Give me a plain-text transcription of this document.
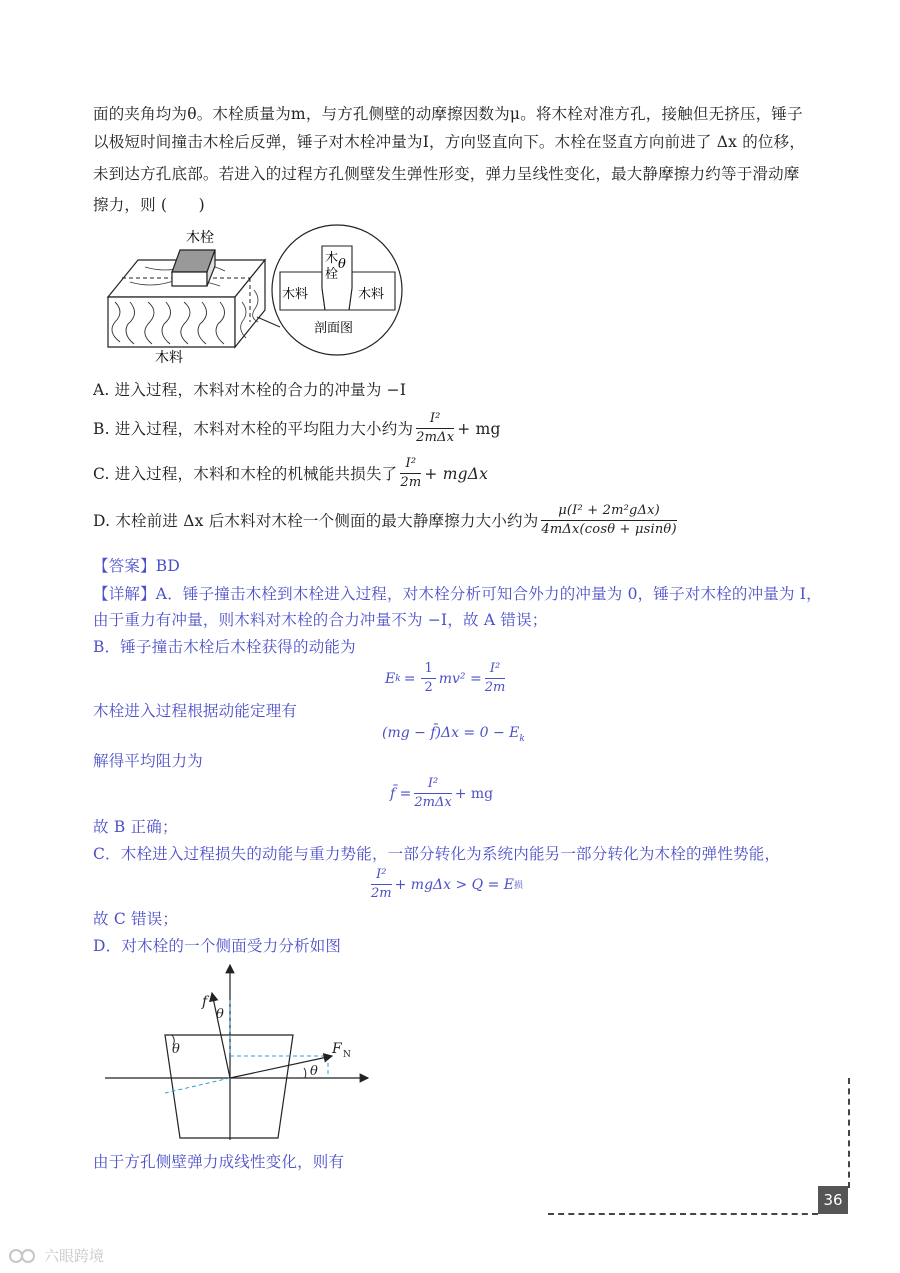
面的夹角均为θ。木栓质量为m，与方孔侧壁的动摩擦因数为μ。将木栓对准方孔，接触但无挤压，锤子
以极短时间撞击木栓后反弹，锤子对木栓冲量为I，方向竖直向下。木栓在竖直方向前进了 Δx 的位移，
未到达方孔底部。若进入的过程方孔侧壁发生弹性形变，弹力呈线性变化，最大静摩擦力约等于滑动摩
擦力，则 (　　)
木栓
木料
木料	木料
木
栓
θ
剖面图
A. 进入过程，木料对木栓的合力的冲量为 −I
B. 进入过程，木料对木栓的平均阻力大小约为 $\frac{\text{I²}}{\text{2mΔx}}$ + mg
C. 进入过程，木料和木栓的机械能共损失了 $\frac{\text{I²}}{2m} + mg\Delta x$
D. 木栓前进 Δx 后木料对木栓一个侧面的最大静摩擦力大小约为 $\frac{\text{μ(I² + 2m²gΔx)}}{\text{4mΔx(cosθ + μsinθ)}}$
【答案】BD
【详解】A．锤子撞击木栓到木栓进入过程，对木栓分析可知合外力的冲量为 0，锤子对木栓的冲量为 I，
由于重力有冲量，则木料对木栓的合力冲量不为 −I，故 A 错误；
B．锤子撞击木栓后木栓获得的动能为
E $k = \frac{1}{2} mv^2 = \frac{\text{I²}}{2m}$
木栓进入过程根据动能定理有
(mg − f̄)Δx = $0 - E_k$
解得平均阻力为
f̄ = $\frac{\text{I²}}{\text{2mΔx}}$ + mg
故 B 正确；
C．木栓进入过程损失的动能与重力势能，一部分转化为系统内能另一部分转化为木栓的弹性势能，
$\frac{\text{I²}}{2m} + mg\Delta x > Q = E$ 损
故 C 错误；
D．对木栓的一个侧面受力分析如图
f
θ
θ
θ
F N
由于方孔侧壁弹力成线性变化，则有
36
六眼跨境
